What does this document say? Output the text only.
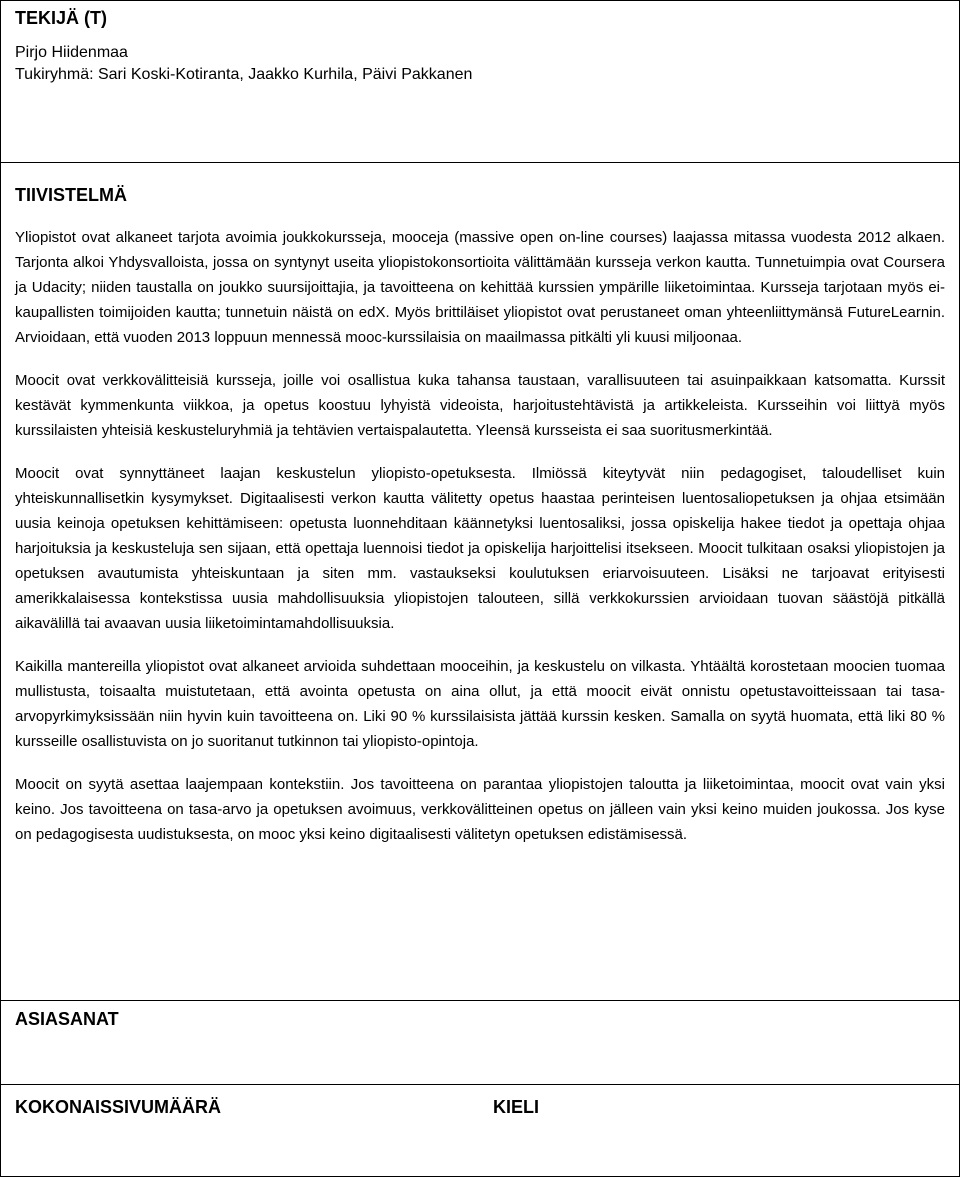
TEKIJÄ (T)

Pirjo Hiidenmaa

Tukiryhmä: Sari Koski-Kotiranta, Jaakko Kurhila, Päivi Pakkanen

TIIVISTELMÄ

Yliopistot ovat alkaneet tarjota avoimia joukkokursseja, mooceja (massive open on-line courses) laajassa mitassa vuodesta 2012 alkaen. Tarjonta alkoi Yhdysvalloista, jossa on syntynyt useita yliopistokonsortioita välittämään kursseja verkon kautta. Tunnetuimpia ovat Coursera ja Udacity; niiden taustalla on joukko suursijoittajia, ja tavoitteena on kehittää kurssien ympärille liiketoimintaa. Kursseja tarjotaan myös ei-kaupallisten toimijoiden kautta; tunnetuin näistä on edX. Myös brittiläiset yliopistot ovat perustaneet oman yhteenliittymänsä FutureLearnin. Arvioidaan, että vuoden 2013 loppuun mennessä mooc-kurssilaisia on maailmassa pitkälti yli kuusi miljoonaa.

Moocit ovat verkkovälitteisiä kursseja, joille voi osallistua kuka tahansa taustaan, varallisuuteen tai asuinpaikkaan katsomatta. Kurssit kestävät kymmenkunta viikkoa, ja opetus koostuu lyhyistä videoista, harjoitustehtävistä ja artikkeleista. Kursseihin voi liittyä myös kurssilaisten yhteisiä keskusteluryhmiä ja tehtävien vertaispalautetta. Yleensä kursseista ei saa suoritusmerkintää.

Moocit ovat synnyttäneet laajan keskustelun yliopisto-opetuksesta. Ilmiössä kiteytyvät niin pedagogiset, taloudelliset kuin yhteiskunnallisetkin kysymykset. Digitaalisesti verkon kautta välitetty opetus haastaa perinteisen luentosaliopetuksen ja ohjaa etsimään uusia keinoja opetuksen kehittämiseen: opetusta luonnehditaan käännetyksi luentosaliksi, jossa opiskelija hakee tiedot ja opettaja ohjaa harjoituksia ja keskusteluja sen sijaan, että opettaja luennoisi tiedot ja opiskelija harjoittelisi itsekseen. Moocit tulkitaan osaksi yliopistojen ja opetuksen avautumista yhteiskuntaan ja siten mm. vastaukseksi koulutuksen eriarvoisuuteen. Lisäksi ne tarjoavat erityisesti amerikkalaisessa kontekstissa uusia mahdollisuuksia yliopistojen talouteen, sillä verkkokurssien arvioidaan tuovan säästöjä pitkällä aikavälillä tai avaavan uusia liiketoimintamahdollisuuksia.

Kaikilla mantereilla yliopistot ovat alkaneet arvioida suhdettaan mooceihin, ja keskustelu on vilkasta. Yhtäältä korostetaan moocien tuomaa mullistusta, toisaalta muistutetaan, että avointa opetusta on aina ollut, ja että moocit eivät onnistu opetustavoitteissaan tai tasa-arvopyrkimyksissään niin hyvin kuin tavoitteena on. Liki 90 % kurssilaisista jättää kurssin kesken. Samalla on syytä huomata, että liki 80 % kursseille osallistuvista on jo suoritanut tutkinnon tai yliopisto-opintoja.

Moocit on syytä asettaa laajempaan kontekstiin. Jos tavoitteena on parantaa yliopistojen taloutta ja liiketoimintaa, moocit ovat vain yksi keino. Jos tavoitteena on tasa-arvo ja opetuksen avoimuus, verkkovälitteinen opetus on jälleen vain yksi keino muiden joukossa. Jos kyse on pedagogisesta uudistuksesta, on mooc yksi keino digitaalisesti välitetyn opetuksen edistämisessä.

ASIASANAT
KOKONAISSIVUMÄÄRÄ	KIELI
